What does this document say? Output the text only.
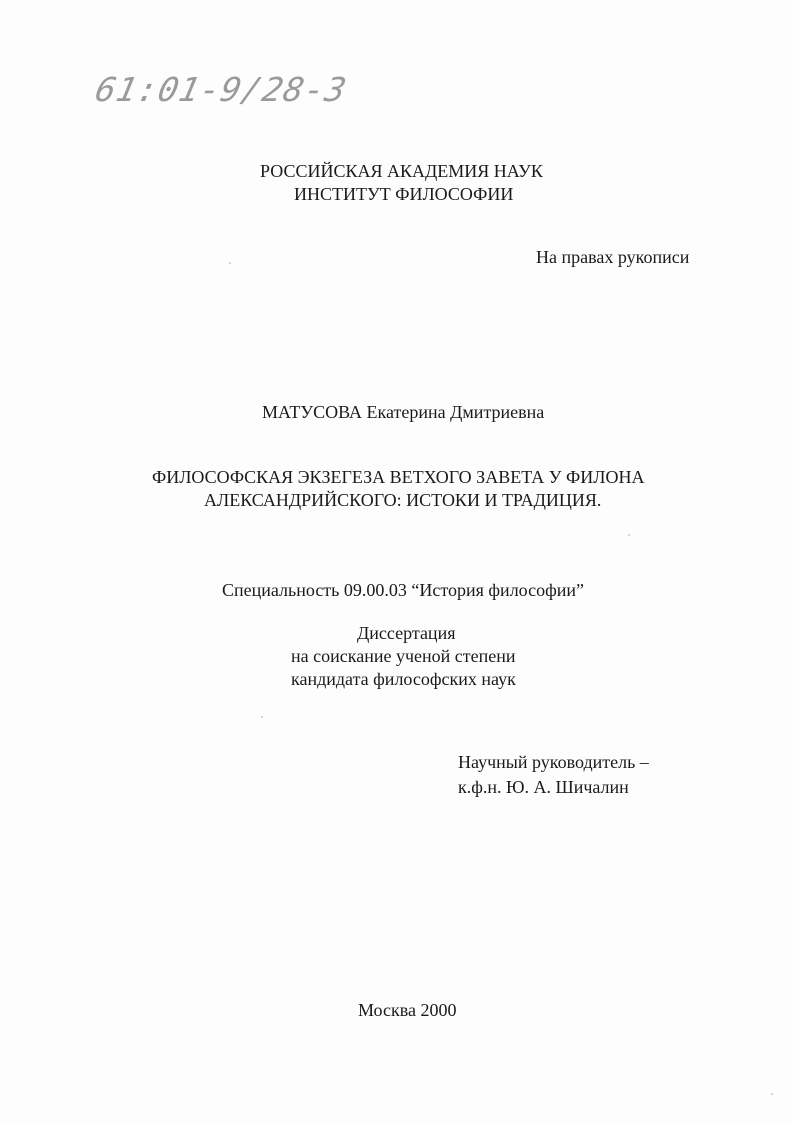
61:01-9/28-3
РОССИЙСКАЯ АКАДЕМИЯ НАУК
ИНСТИТУТ ФИЛОСОФИИ
На правах рукописи
МАТУСОВА Екатерина Дмитриевна
ФИЛОСОФСКАЯ ЭКЗЕГЕЗА ВЕТХОГО ЗАВЕТА У ФИЛОНА
АЛЕКСАНДРИЙСКОГО: ИСТОКИ И ТРАДИЦИЯ.
Специальность 09.00.03 “История философии”
Диссертация
на соискание ученой степени
кандидата философских наук
Научный руководитель –
к.ф.н. Ю. А. Шичалин
Москва 2000
